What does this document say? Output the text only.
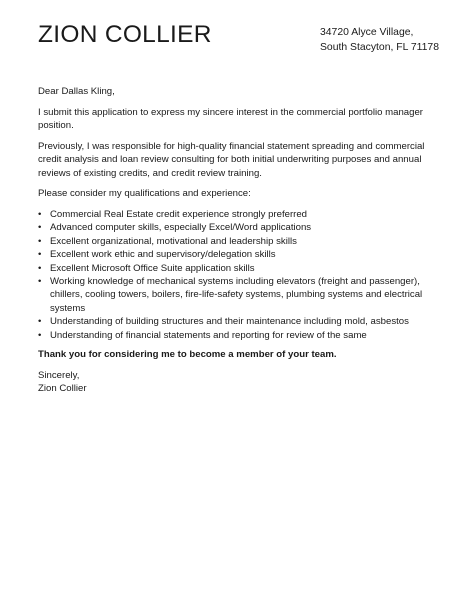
ZION COLLIER	34720 Alyce Village,
South Stacyton, FL 71178

Dear Dallas Kling,

I submit this application to express my sincere interest in the commercial portfolio manager position.

Previously, I was responsible for high-quality financial statement spreading and commercial credit analysis and loan review consulting for both initial underwriting purposes and annual reviews of existing credits, and credit review training.

Please consider my qualifications and experience:

• Commercial Real Estate credit experience strongly preferred
• Advanced computer skills, especially Excel/Word applications
• Excellent organizational, motivational and leadership skills
• Excellent work ethic and supervisory/delegation skills
• Excellent Microsoft Office Suite application skills
• Working knowledge of mechanical systems including elevators (freight and passenger), chillers, cooling towers, boilers, fire-life-safety systems, plumbing systems and electrical systems
• Understanding of building structures and their maintenance including mold, asbestos
• Understanding of financial statements and reporting for review of the same

Thank you for considering me to become a member of your team.

Sincerely,

Zion Collier
